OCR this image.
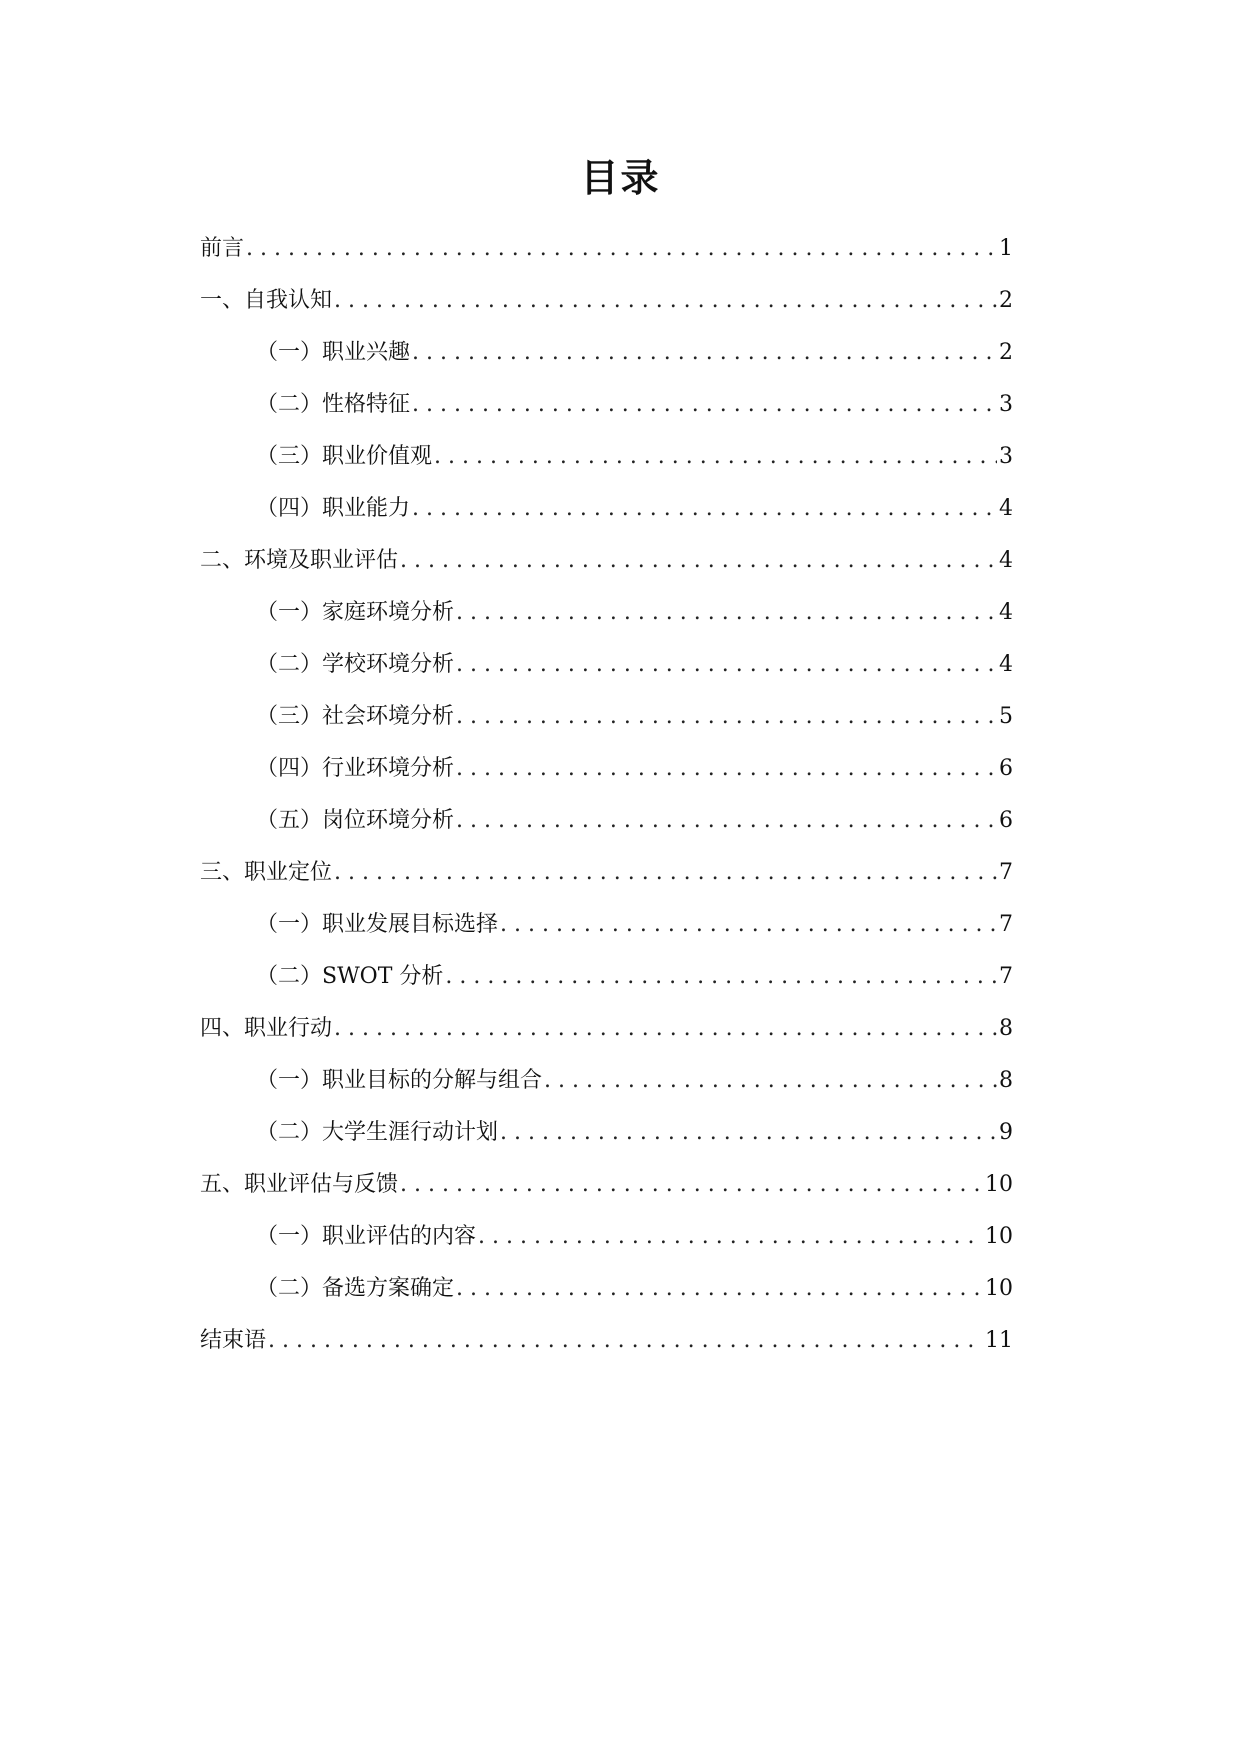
目录
前言 . . .	1
一、自我认知 . . .	2
（一）职业兴趣 . . .	2
（二）性格特征 . . .	3
（三）职业价值观 . . .	3
（四）职业能力 . . .	4
二、环境及职业评估 . . .	4
（一）家庭环境分析 . . .	4
（二）学校环境分析 . . .	4
（三）社会环境分析 . . .	5
（四）行业环境分析 . . .	6
（五）岗位环境分析 . . .	6
三、职业定位 . . .	7
（一）职业发展目标选择 . . .	7
（二）SWOT 分析 . . .	7
四、职业行动 . . .	8
（一）职业目标的分解与组合 . . .	8
（二）大学生涯行动计划 . . .	9
五、职业评估与反馈 . . .	10
（一）职业评估的内容 . . .	10
（二）备选方案确定 . . .	10
结束语 . . .	11
